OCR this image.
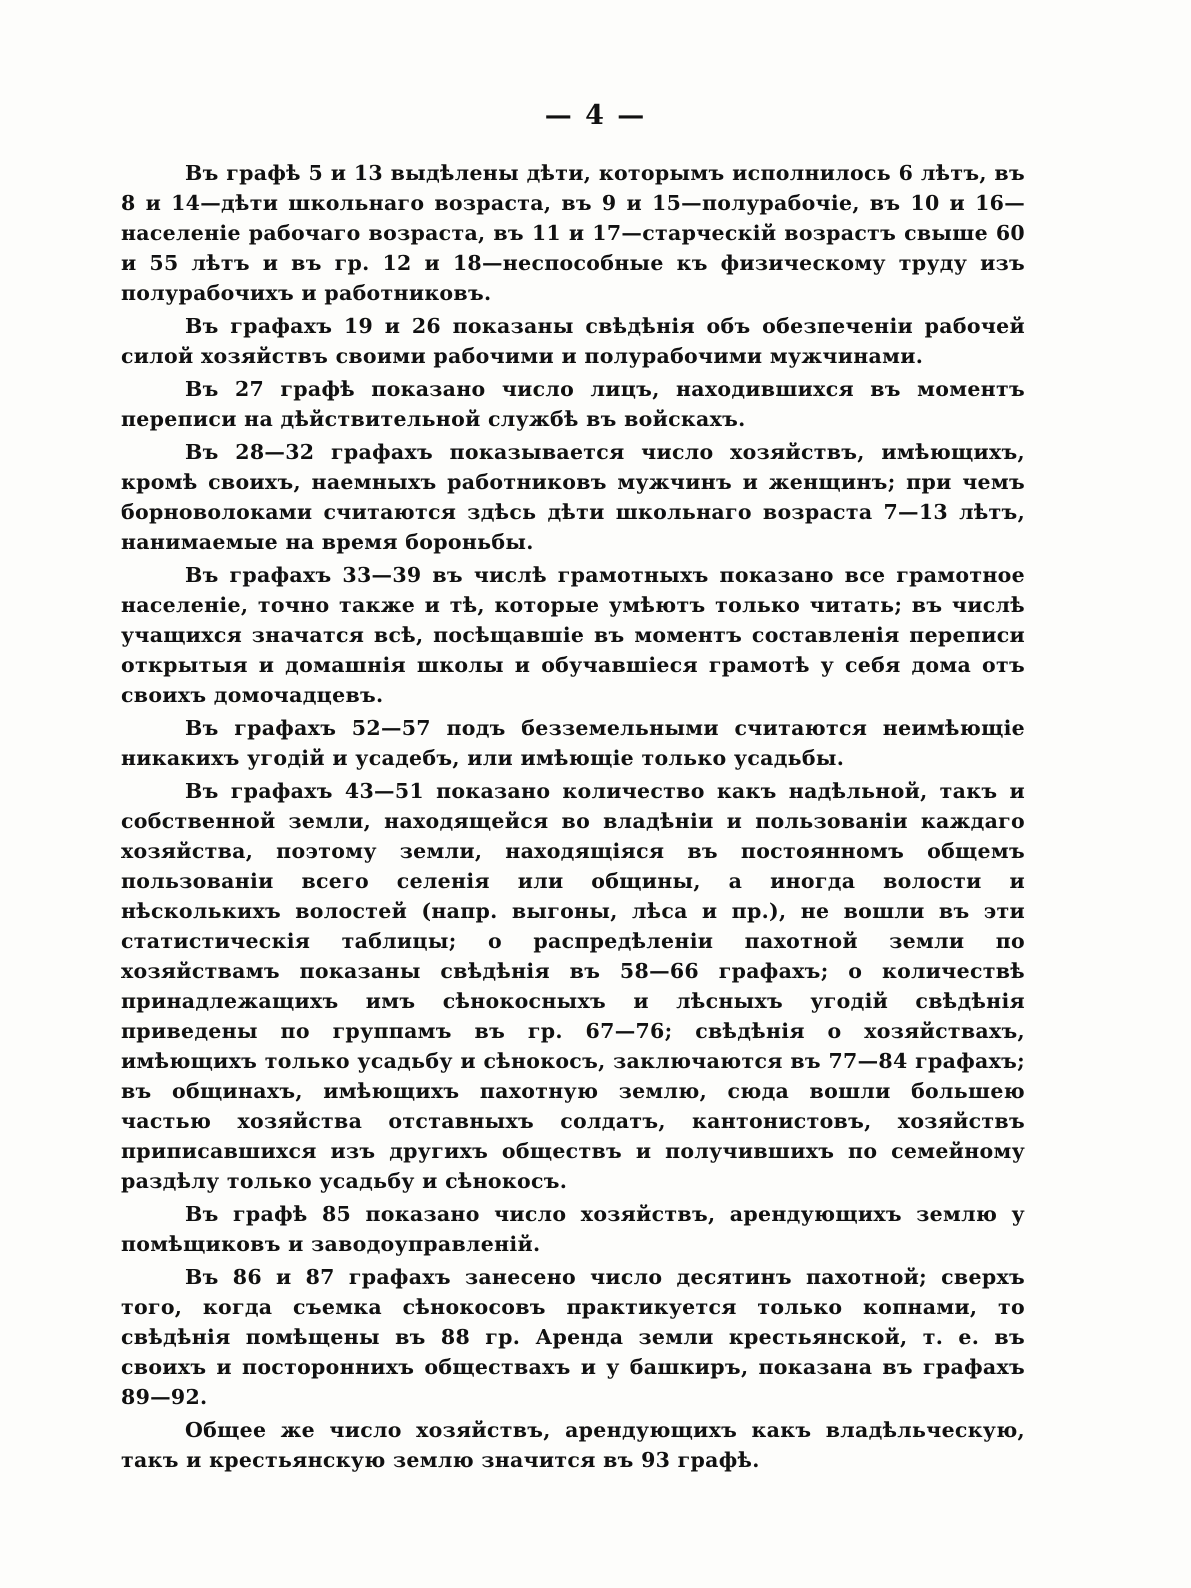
— 4 —

Въ графѣ 5 и 13 выдѣлены дѣти, которымъ исполнилось 6 лѣтъ, въ 8 и 14—дѣти школьнаго возраста, въ 9 и 15—полурабочіе, въ 10 и 16—населеніе рабочаго возраста, въ 11 и 17—старческій возрастъ свыше 60 и 55 лѣтъ и въ гр. 12 и 18—неспособные къ физическому труду изъ полурабочихъ и работниковъ.

Въ графахъ 19 и 26 показаны свѣдѣнія объ обезпеченіи рабочей силой хозяйствъ своими рабочими и полурабочими мужчинами.

Въ 27 графѣ показано число лицъ, находившихся въ моментъ переписи на дѣйствительной службѣ въ войскахъ.

Въ 28—32 графахъ показывается число хозяйствъ, имѣющихъ, кромѣ своихъ, наемныхъ работниковъ мужчинъ и женщинъ; при чемъ борноволоками считаются здѣсь дѣти школьнаго возраста 7—13 лѣтъ, нанимаемые на время бороньбы.

Въ графахъ 33—39 въ числѣ грамотныхъ показано все грамотное населеніе, точно также и тѣ, которые умѣютъ только читать; въ числѣ учащихся значатся всѣ, посѣщавшіе въ моментъ составленія переписи открытыя и домашнія школы и обучавшіеся грамотѣ у себя дома отъ своихъ домочадцевъ.

Въ графахъ 52—57 подъ безземельными считаются неимѣющіе никакихъ угодій и усадебъ, или имѣющіе только усадьбы.

Въ графахъ 43—51 показано количество какъ надѣльной, такъ и собственной земли, находящейся во владѣніи и пользованіи каждаго хозяйства, поэтому земли, находящіяся въ постоянномъ общемъ пользованіи всего селенія или общины, а иногда волости и нѣсколькихъ волостей (напр. выгоны, лѣса и пр.), не вошли въ эти статистическія таблицы; о распредѣленіи пахотной земли по хозяйствамъ показаны свѣдѣнія въ 58—66 графахъ; о количествѣ принадлежащихъ имъ сѣнокосныхъ и лѣсныхъ угодій свѣдѣнія приведены по группамъ въ гр. 67—76; свѣдѣнія о хозяйствахъ, имѣющихъ только усадьбу и сѣнокосъ, заключаются въ 77—84 графахъ; въ общинахъ, имѣющихъ пахотную землю, сюда вошли большею частью хозяйства отставныхъ солдатъ, кантонистовъ, хозяйствъ приписавшихся изъ другихъ обществъ и получившихъ по семейному раздѣлу только усадьбу и сѣнокосъ.

Въ графѣ 85 показано число хозяйствъ, арендующихъ землю у помѣщиковъ и заводоуправленій.

Въ 86 и 87 графахъ занесено число десятинъ пахотной; сверхъ того, когда съемка сѣнокосовъ практикуется только копнами, то свѣдѣнія помѣщены въ 88 гр. Аренда земли крестьянской, т. е. въ своихъ и постороннихъ обществахъ и у башкиръ, показана въ графахъ 89—92.

Общее же число хозяйствъ, арендующихъ какъ владѣльческую, такъ и крестьянскую землю значится въ 93 графѣ.
